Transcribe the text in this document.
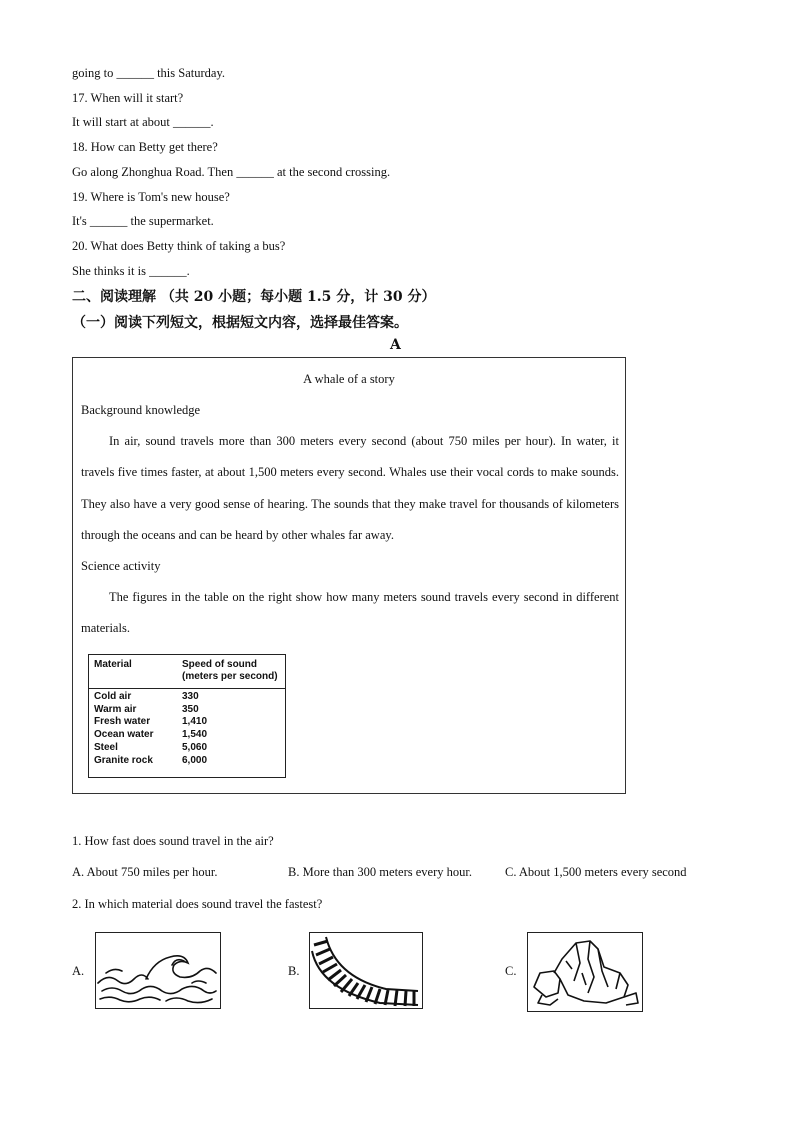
going to ______ this Saturday.
17. When will it start?
It will start at about ______.
18. How can Betty get there?
Go along Zhonghua Road. Then ______ at the second crossing.
19. Where is Tom's new house?
It's ______ the supermarket.
20. What does Betty think of taking a bus?
She thinks it is ______.
二、阅读理解 （共 20 小题；每小题 1.5 分，计 30 分）
（一）阅读下列短文，根据短文内容，选择最佳答案。
A
A whale of a story
Background knowledge
In air, sound travels more than 300 meters every second (about 750 miles per hour). In water, it travels five times faster, at about 1,500 meters every second. Whales use their vocal cords to make sounds. They also have a very good sense of hearing. The sounds that they make travel for thousands of kilometers through the oceans and can be heard by other whales far away.
Science activity
The figures in the table on the right show how many meters sound travels every second in different materials.
Material	Speed of sound
(meters per second)
Cold air	330
Warm air	350
Fresh water	1,410
Ocean water	1,540
Steel	5,060
Granite rock	6,000
1. How fast does sound travel in the air?
A. About 750 miles per hour.	B. More than 300 meters every hour.	C. About 1,500 meters every second
2. In which material does sound travel the fastest?
A.	B.	C.
